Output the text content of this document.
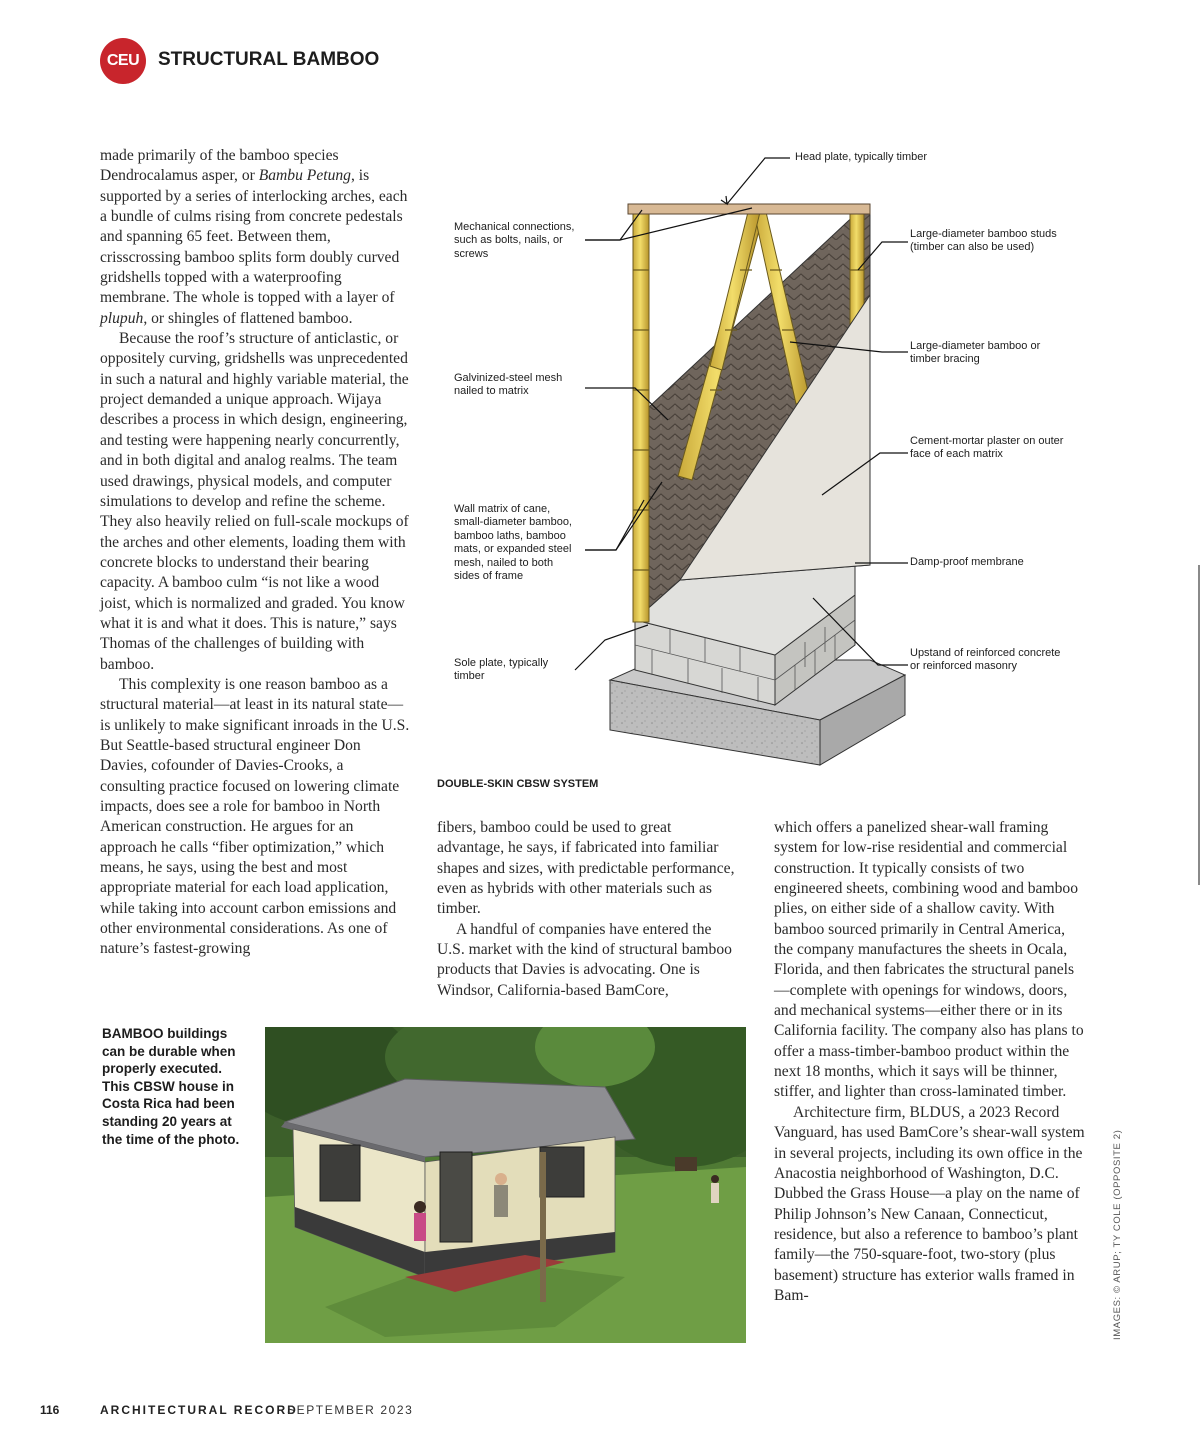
CEU STRUCTURAL BAMBOO

made primarily of the bamboo species Dendrocalamus asper, or Bambu Petung, is supported by a series of interlocking arches, each a bundle of culms rising from concrete pedestals and spanning 65 feet. Between them, crisscrossing bamboo splits form doubly curved gridshells topped with a waterproofing membrane. The whole is topped with a layer of plupuh, or shingles of flattened bamboo.

Because the roof’s structure of anticlastic, or oppositely curving, gridshells was unprecedented in such a natural and highly variable material, the project demanded a unique approach. Wijaya describes a process in which design, engineering, and testing were happening nearly concurrently, and in both digital and analog realms. The team used drawings, physical models, and computer simulations to develop and refine the scheme. They also heavily relied on full-scale mockups of the arches and other elements, loading them with concrete blocks to understand their bearing capacity. A bamboo culm “is not like a wood joist, which is normalized and graded. You know what it is and what it does. This is nature,” says Thomas of the challenges of building with bamboo.

This complexity is one reason bamboo as a structural material—at least in its natural state—is unlikely to make significant inroads in the U.S. But Seattle-based structural engineer Don Davies, cofounder of Davies-Crooks, a consulting practice focused on lowering climate impacts, does see a role for bamboo in North American construction. He argues for an approach he calls “fiber optimization,” which means, he says, using the best and most appropriate material for each load application, while taking into account carbon emissions and other environmental considerations. As one of nature’s fastest-growing

Head plate, typically timber
Mechanical connections,
such as bolts, nails, or
screws
Large-diameter bamboo studs
(timber can also be used)
Large-diameter bamboo or
timber bracing
Galvinized-steel mesh
nailed to matrix
Cement-mortar plaster on outer
face of each matrix
Wall matrix of cane,
small-diameter bamboo,
bamboo laths, bamboo
mats, or expanded steel
mesh, nailed to both
sides of frame
Damp-proof membrane
Sole plate, typically
timber
Upstand of reinforced concrete
or reinforced masonry
DOUBLE-SKIN CBSW SYSTEM

fibers, bamboo could be used to great advantage, he says, if fabricated into familiar shapes and sizes, with predictable performance, even as hybrids with other materials such as timber.

A handful of companies have entered the U.S. market with the kind of structural bamboo products that Davies is advocating. One is Windsor, California-based BamCore,

which offers a panelized shear-wall framing system for low-rise residential and commercial construction. It typically consists of two engineered sheets, combining wood and bamboo plies, on either side of a shallow cavity. With bamboo sourced primarily in Central America, the company manufactures the sheets in Ocala, Florida, and then fabricates the structural panels—complete with openings for windows, doors, and mechanical systems—either there or in its California facility. The company also has plans to offer a mass-timber-bamboo product within the next 18 months, which it says will be thinner, stiffer, and lighter than cross-laminated timber.

Architecture firm, BLDUS, a 2023 Record Vanguard, has used BamCore’s shear-wall system in several projects, including its own office in the Anacostia neighborhood of Washington, D.C. Dubbed the Grass House—a play on the name of Philip Johnson’s New Canaan, Connecticut, residence, but also a reference to bamboo’s plant family—the 750-square-foot, two-story (plus basement) structure has exterior walls framed in Bam-

BAMBOO buildings can be durable when properly executed. This CBSW house in Costa Rica had been standing 20 years at the time of the photo.	IMAGES: © ARUP; TY COLE (OPPOSITE 2)
116	ARCHITECTURAL RECORD
SEPTEMBER 2023
